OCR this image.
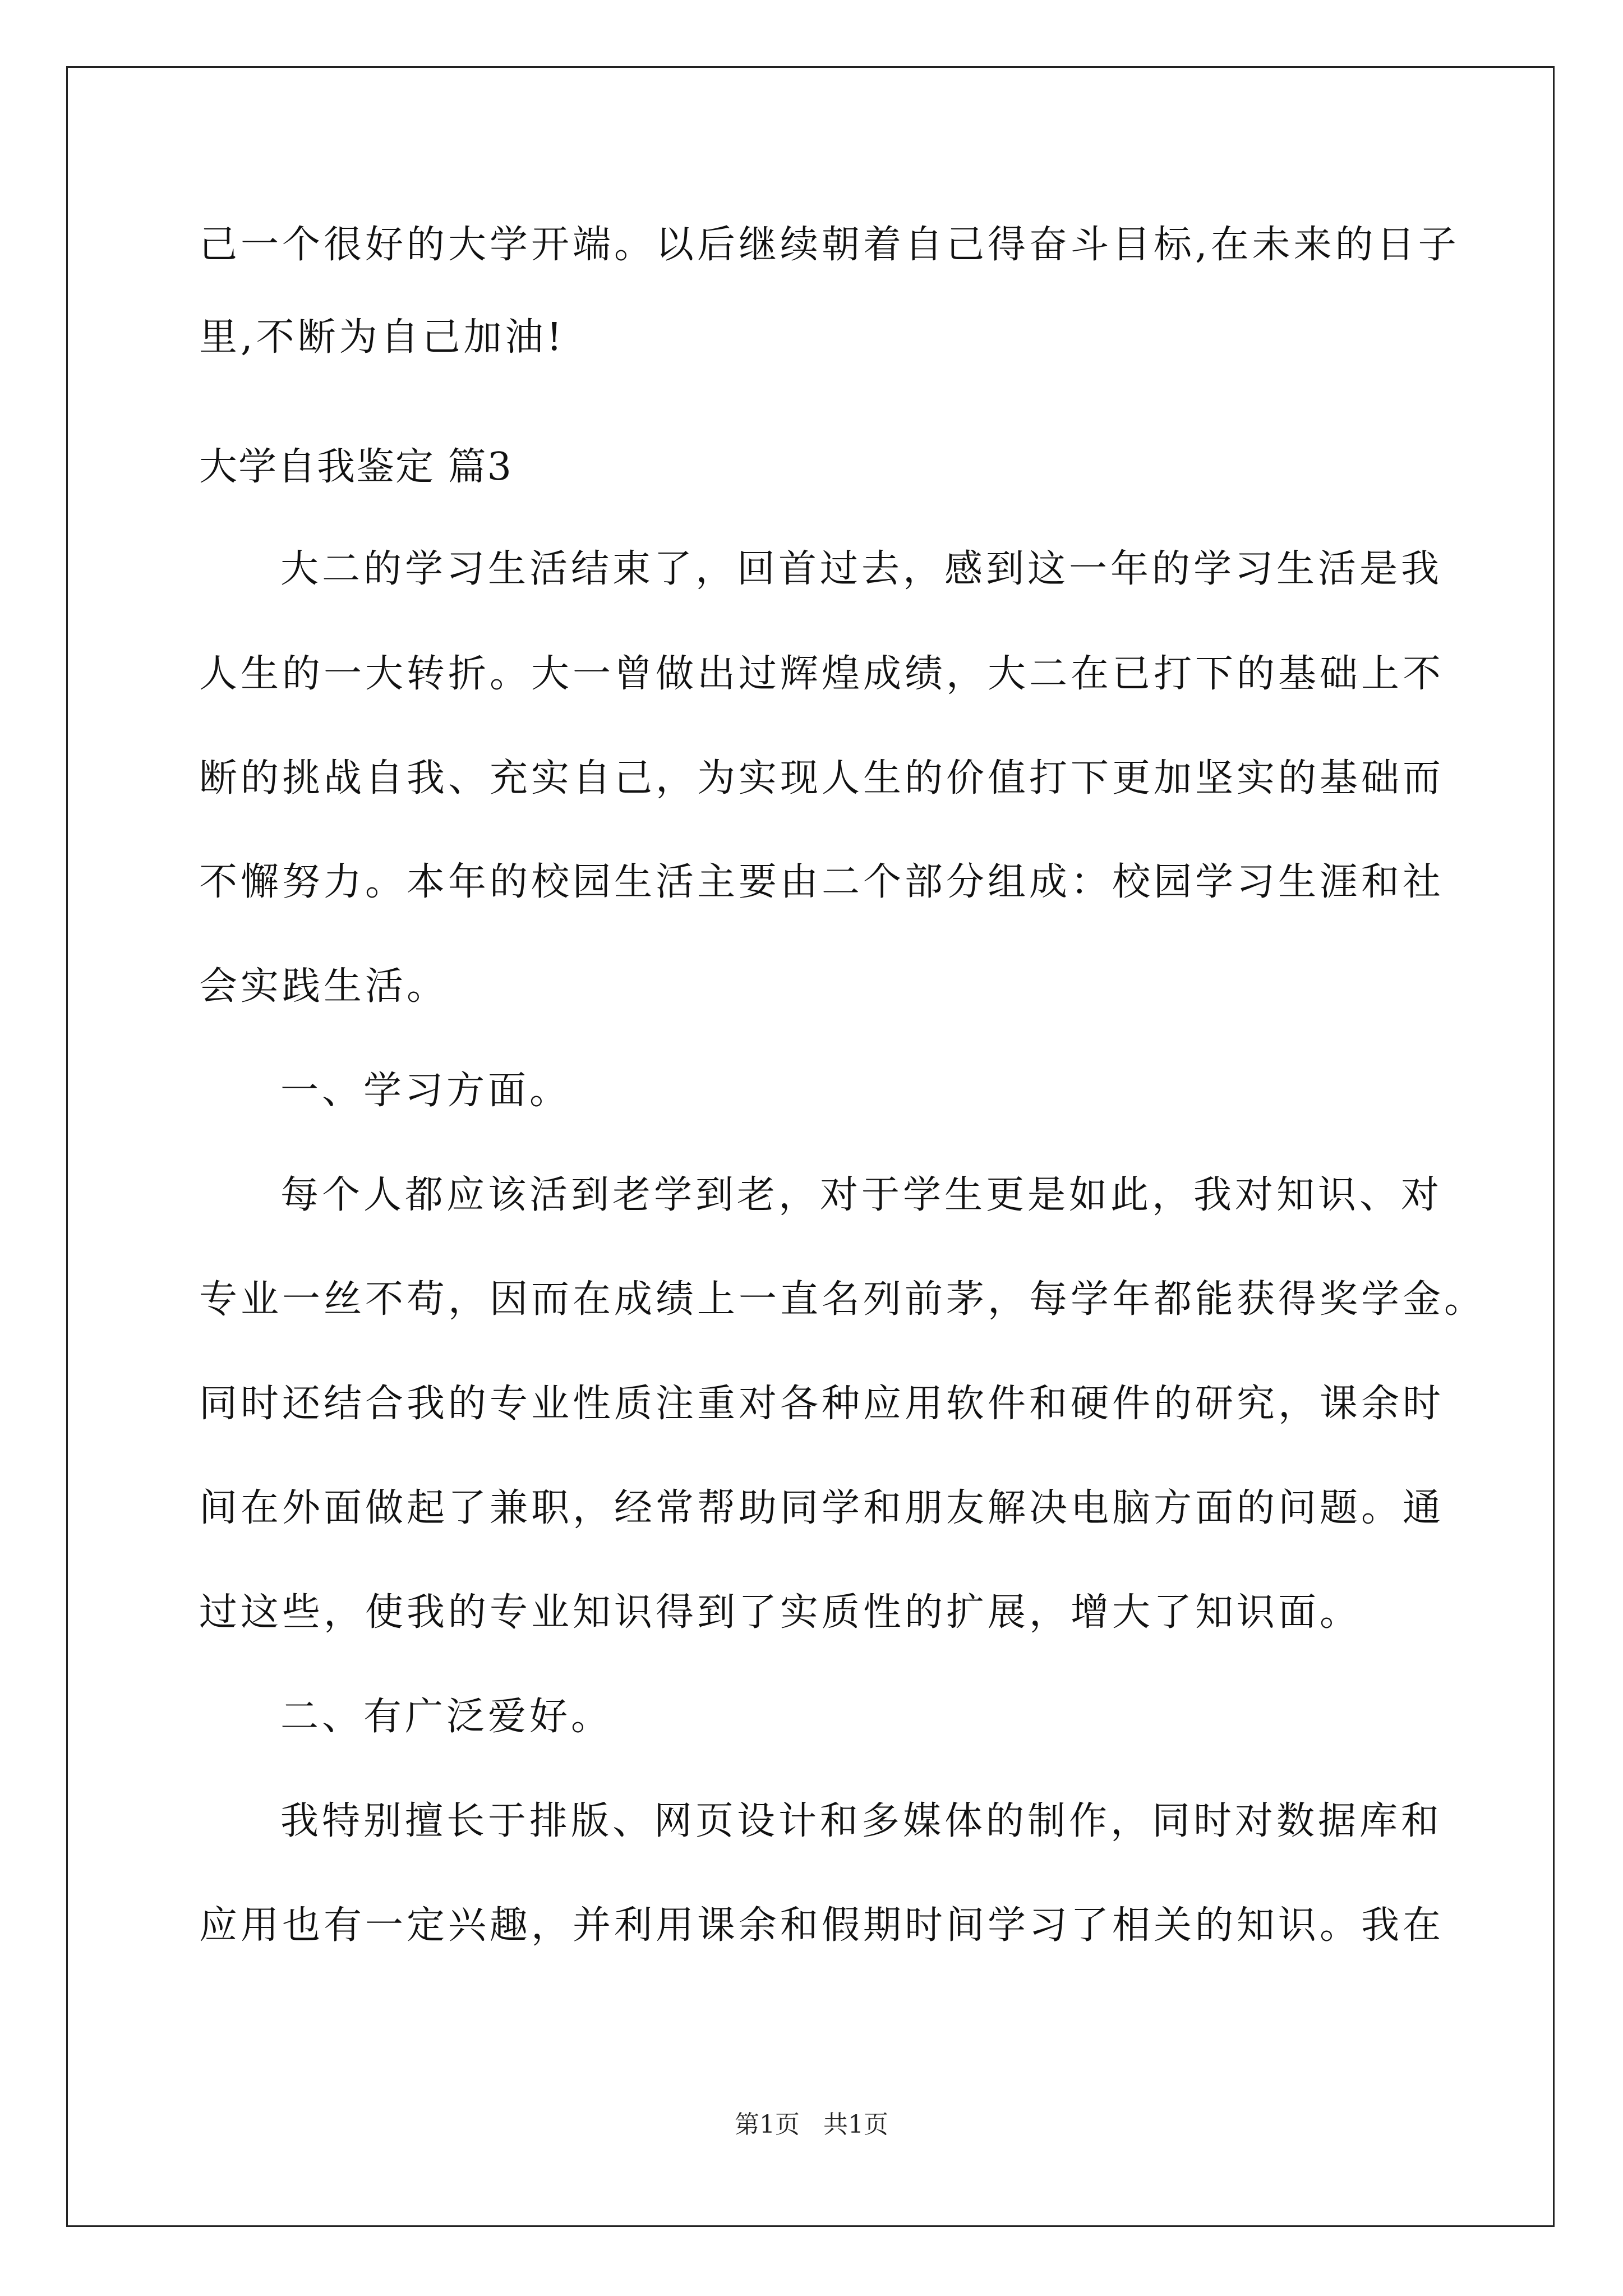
己一个很好的大学开端。以后继续朝着自己得奋斗目标,在未来的日子
里,不断为自己加油!
大学自我鉴定 篇3
大二的学习生活结束了，回首过去，感到这一年的学习生活是我
人生的一大转折。大一曾做出过辉煌成绩，大二在已打下的基础上不
断的挑战自我、充实自己，为实现人生的价值打下更加坚实的基础而
不懈努力。本年的校园生活主要由二个部分组成：校园学习生涯和社
会实践生活。
一、学习方面。
每个人都应该活到老学到老，对于学生更是如此，我对知识、对
专业一丝不苟，因而在成绩上一直名列前茅，每学年都能获得奖学金。
同时还结合我的专业性质注重对各种应用软件和硬件的研究，课余时
间在外面做起了兼职，经常帮助同学和朋友解决电脑方面的问题。通
过这些，使我的专业知识得到了实质性的扩展，增大了知识面。
二、有广泛爱好。
我特别擅长于排版、网页设计和多媒体的制作，同时对数据库和
应用也有一定兴趣，并利用课余和假期时间学习了相关的知识。我在
第1页   共1页
